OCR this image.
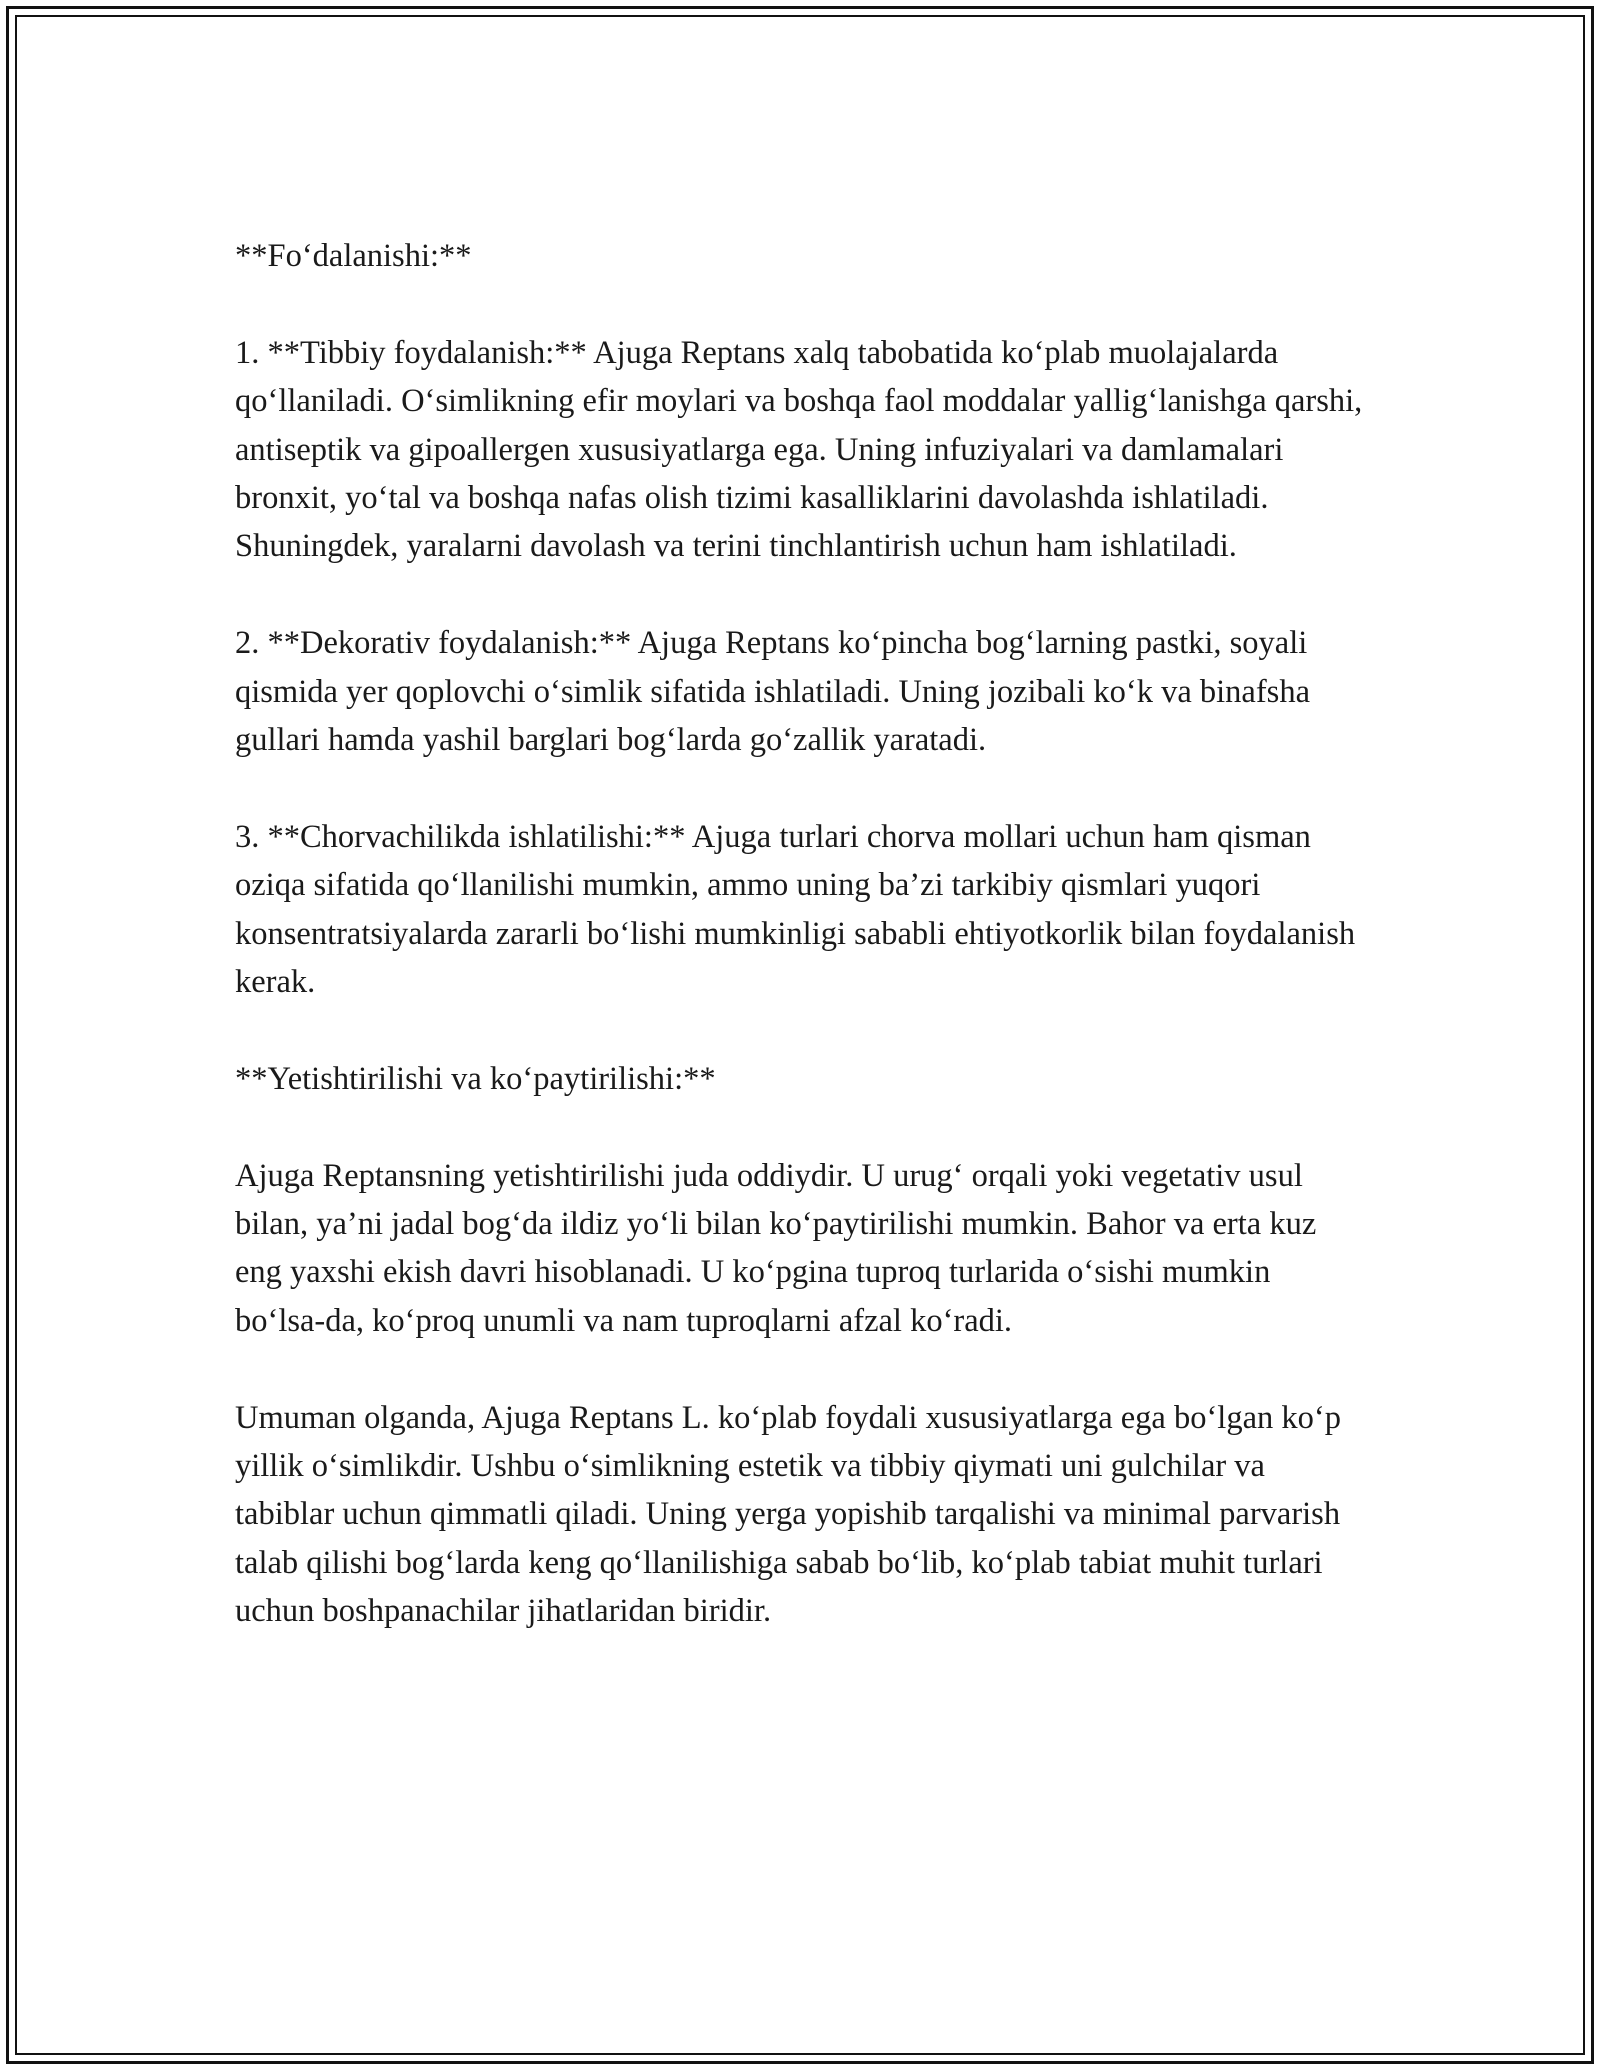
**Fo‘dalanishi:**

1. **Tibbiy foydalanish:** Ajuga Reptans xalq tabobatida ko‘plab muolajalarda qo‘llaniladi. O‘simlikning efir moylari va boshqa faol moddalar yallig‘lanishga qarshi, antiseptik va gipoallergen xususiyatlarga ega. Uning infuziyalari va damlamalari bronxit, yo‘tal va boshqa nafas olish tizimi kasalliklarini davolashda ishlatiladi. Shuningdek, yaralarni davolash va terini tinchlantirish uchun ham ishlatiladi.

2. **Dekorativ foydalanish:** Ajuga Reptans ko‘pincha bog‘larning pastki, soyali qismida yer qoplovchi o‘simlik sifatida ishlatiladi. Uning jozibali ko‘k va binafsha gullari hamda yashil barglari bog‘larda go‘zallik yaratadi.

3. **Chorvachilikda ishlatilishi:** Ajuga turlari chorva mollari uchun ham qisman oziqa sifatida qo‘llanilishi mumkin, ammo uning ba’zi tarkibiy qismlari yuqori konsentratsiyalarda zararli bo‘lishi mumkinligi sababli ehtiyotkorlik bilan foydalanish kerak.

**Yetishtirilishi va ko‘paytirilishi:**

Ajuga Reptansning yetishtirilishi juda oddiydir. U urug‘ orqali yoki vegetativ usul bilan, ya’ni jadal bog‘da ildiz yo‘li bilan ko‘paytirilishi mumkin. Bahor va erta kuz eng yaxshi ekish davri hisoblanadi. U ko‘pgina tuproq turlarida o‘sishi mumkin bo‘lsa-da, ko‘proq unumli va nam tuproqlarni afzal ko‘radi.

Umuman olganda, Ajuga Reptans L. ko‘plab foydali xususiyatlarga ega bo‘lgan ko‘p yillik o‘simlikdir. Ushbu o‘simlikning estetik va tibbiy qiymati uni gulchilar va tabiblar uchun qimmatli qiladi. Uning yerga yopishib tarqalishi va minimal parvarish talab qilishi bog‘larda keng qo‘llanilishiga sabab bo‘lib, ko‘plab tabiat muhit turlari uchun boshpanachilar jihatlaridan biridir.
